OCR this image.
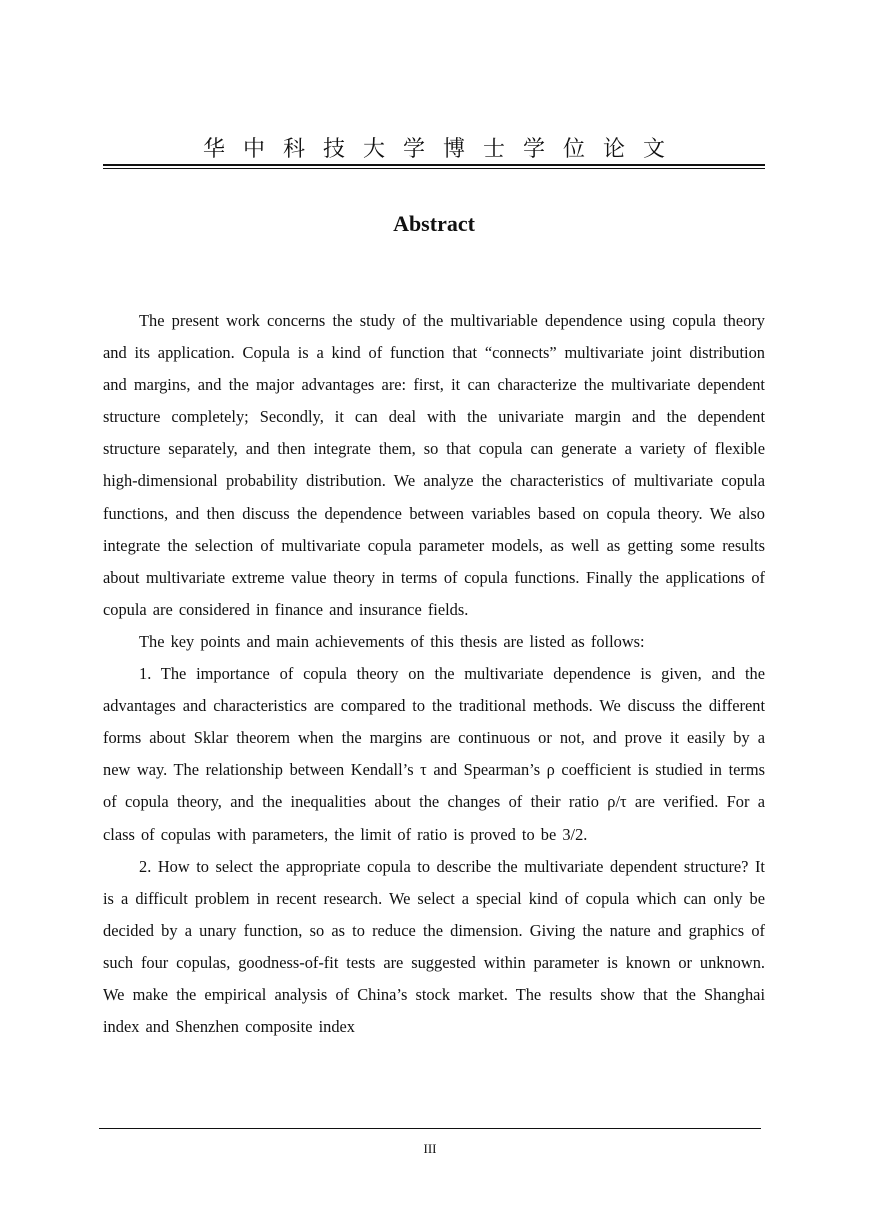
华中科技大学博士学位论文
Abstract

The present work concerns the study of the multivariable dependence using copula theory and its application. Copula is a kind of function that “connects” multivariate joint distribution and margins, and the major advantages are: first, it can characterize the multivariate dependent structure completely; Secondly, it can deal with the univariate margin and the dependent structure separately, and then integrate them, so that copula can generate a variety of flexible high-dimensional probability distribution. We analyze the characteristics of multivariate copula functions, and then discuss the dependence between variables based on copula theory. We also integrate the selection of multivariate copula parameter models, as well as getting some results about multivariate extreme value theory in terms of copula functions. Finally the applications of copula are considered in finance and insurance fields.

The key points and main achievements of this thesis are listed as follows:

1. The importance of copula theory on the multivariate dependence is given, and the advantages and characteristics are compared to the traditional methods. We discuss the different forms about Sklar theorem when the margins are continuous or not, and prove it easily by a new way. The relationship between Kendall’s τ and Spearman’s ρ coefficient is studied in terms of copula theory, and the inequalities about the changes of their ratio ρ/τ are verified. For a class of copulas with parameters, the limit of ratio is proved to be 3/2.

2. How to select the appropriate copula to describe the multivariate dependent structure? It is a difficult problem in recent research. We select a special kind of copula which can only be decided by a unary function, so as to reduce the dimension. Giving the nature and graphics of such four copulas, goodness-of-fit tests are suggested within parameter is known or unknown. We make the empirical analysis of China’s stock market. The results show that the Shanghai index and Shenzhen composite index

III
